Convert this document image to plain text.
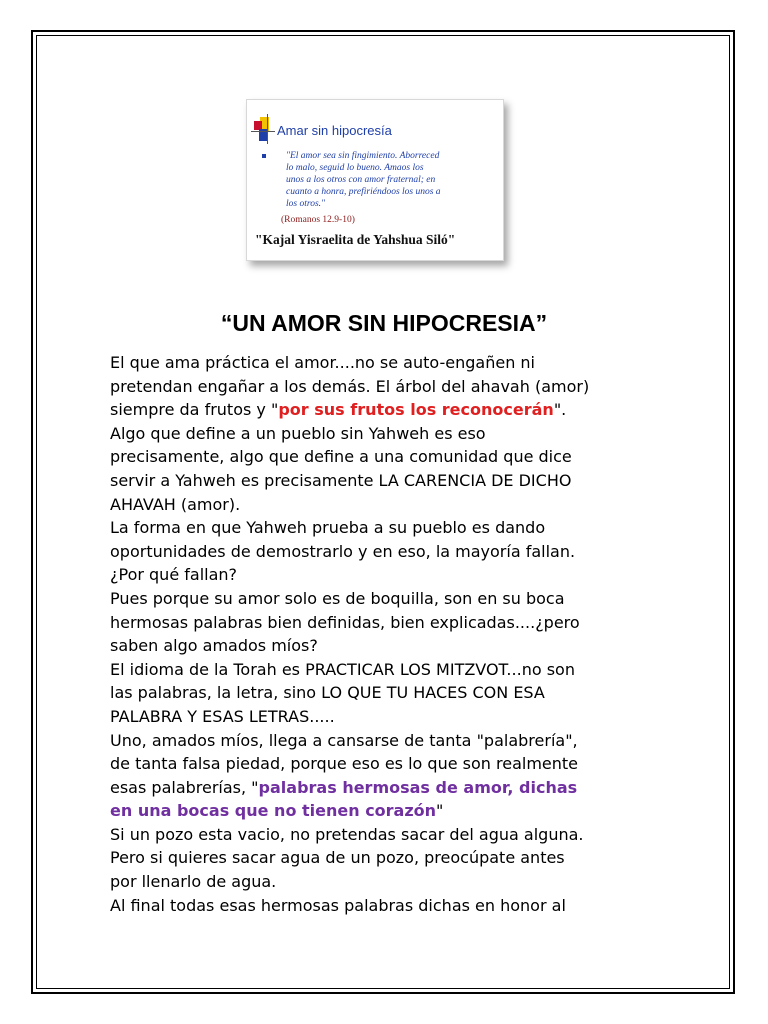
Amar sin hipocresía
"El amor sea sin fingimiento. Aborreced
lo malo, seguid lo bueno. Amaos los
unos a los otros con amor fraternal; en
cuanto a honra, prefiriéndoos los unos a
los otros."
(Romanos 12.9-10)
"Kajal Yisraelita de Yahshua Siló"
“UN AMOR SIN HIPOCRESIA”

El que ama práctica el amor....no se auto-engañen ni

pretendan engañar a los demás. El árbol del ahavah (amor)

siempre da frutos y "por sus frutos los reconocerán".

Algo que define a un pueblo sin Yahweh es eso

precisamente, algo que define a una comunidad que dice

servir a Yahweh es precisamente LA CARENCIA DE DICHO

AHAVAH (amor).

La forma en que Yahweh prueba a su pueblo es dando

oportunidades de demostrarlo y en eso, la mayoría fallan.

¿Por qué fallan?

Pues porque su amor solo es de boquilla, son en su boca

hermosas palabras bien definidas, bien explicadas....¿pero

saben algo amados míos?

El idioma de la Torah es PRACTICAR LOS MITZVOT...no son

las palabras, la letra, sino LO QUE TU HACES CON ESA

PALABRA Y ESAS LETRAS.....

Uno, amados míos, llega a cansarse de tanta "palabrería",

de tanta falsa piedad, porque eso es lo que son realmente

esas palabrerías, "palabras hermosas de amor, dichas

en una bocas que no tienen corazón"

Si un pozo esta vacio, no pretendas sacar del agua alguna.

Pero si quieres sacar agua de un pozo, preocúpate antes

por llenarlo de agua.

Al final todas esas hermosas palabras dichas en honor al
